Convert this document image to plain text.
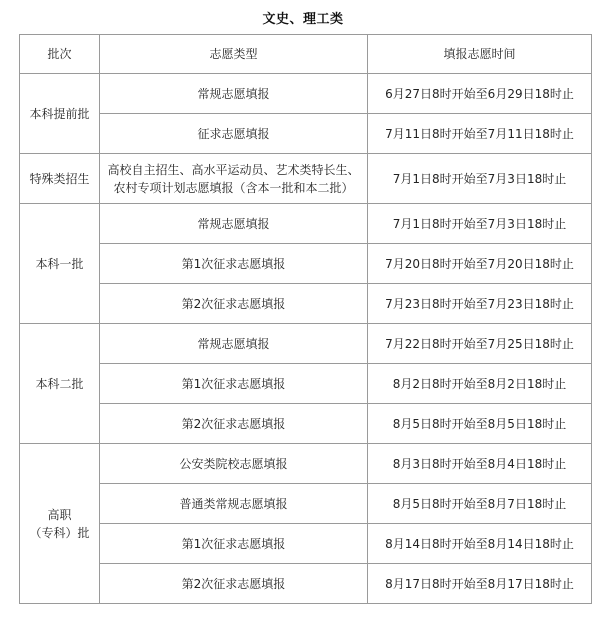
文史、理工类
批次	志愿类型	填报志愿时间
本科提前批	常规志愿填报	6月27日8时开始至6月29日18时止
	征求志愿填报	7月11日8时开始至7月11日18时止
特殊类招生	高校自主招生、高水平运动员、艺术类特长生、农村专项计划志愿填报（含本一批和本二批）	7月1日8时开始至7月3日18时止
本科一批	常规志愿填报	7月1日8时开始至7月3日18时止
	第1次征求志愿填报	7月20日8时开始至7月20日18时止
	第2次征求志愿填报	7月23日8时开始至7月23日18时止
本科二批	常规志愿填报	7月22日8时开始至7月25日18时止
	第1次征求志愿填报	8月2日8时开始至8月2日18时止
	第2次征求志愿填报	8月5日8时开始至8月5日18时止
高职
（专科）批	公安类院校志愿填报	8月3日8时开始至8月4日18时止
	普通类常规志愿填报	8月5日8时开始至8月7日18时止
	第1次征求志愿填报	8月14日8时开始至8月14日18时止
	第2次征求志愿填报	8月17日8时开始至8月17日18时止
